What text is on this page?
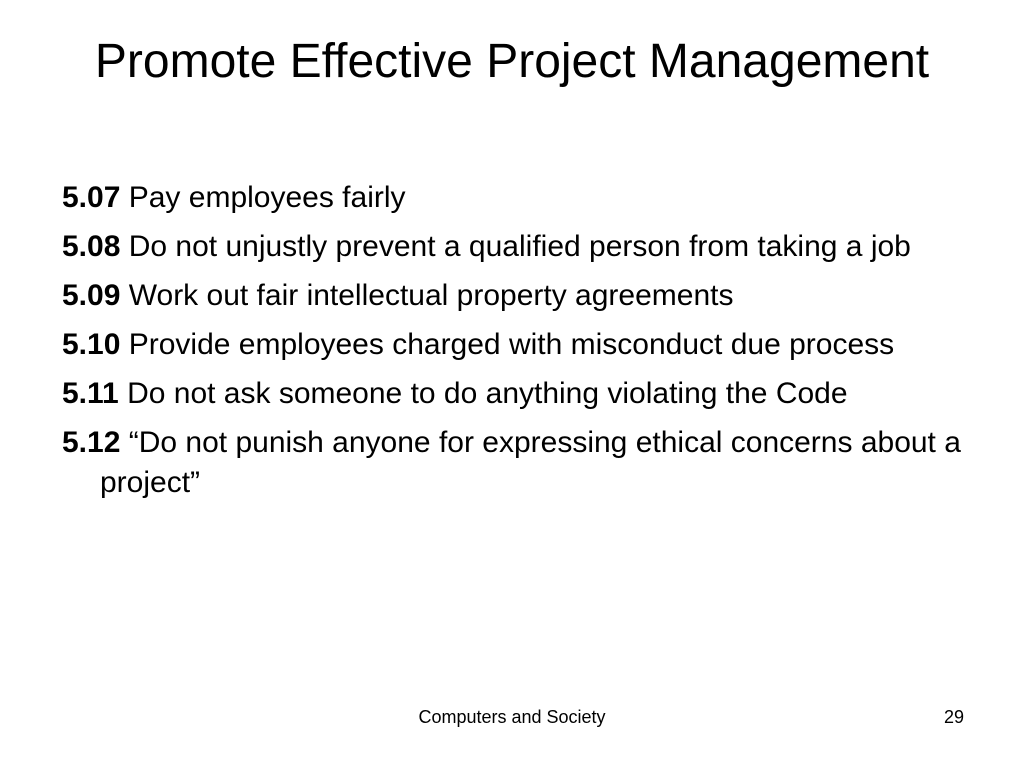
Promote Effective Project Management
5.07 Pay employees fairly
5.08 Do not unjustly prevent a qualified person from taking a job
5.09 Work out fair intellectual property agreements
5.10 Provide employees charged with misconduct due process
5.11 Do not ask someone to do anything violating the Code
5.12 “Do not punish anyone for expressing ethical concerns about a project”
Computers and Society	29
